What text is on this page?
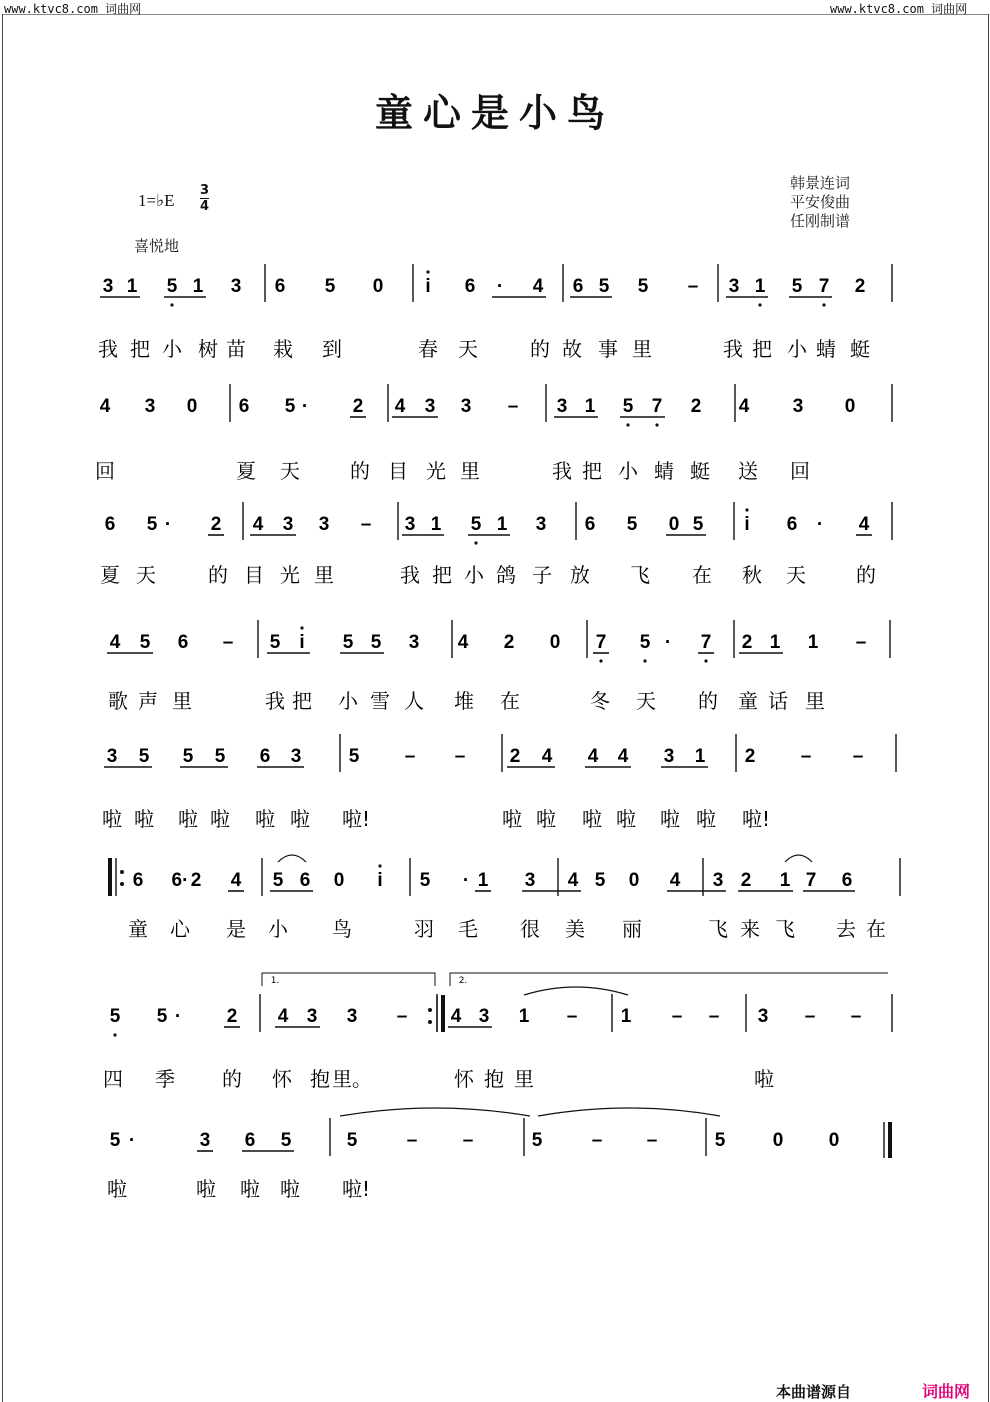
www.ktvc8.com 词曲网	www.ktvc8.com 词曲网
童心是小鸟
1=♭E
3
4
喜悦地
韩景连词
平安俊曲
任刚制谱
3 1 5 1 3 6 5 0 i 6 · 4 6 5 5 – 3 1 5 7 2
我 把 小 树 苗 栽 到	春 天	的 故 事 里	我 把 小 蜻 蜓
4 3 0 6 5 · 2 4 3 3 – 3 1 5 7 2 4 3 0
回	夏 天	的 目 光 里	我 把 小 蜻 蜓 送 回
6 5 · 2 4 3 3 – 3 1 5 1 3 6 5 0 5 i 6 · 4
夏 天	的 目 光 里	我 把 小 鸽 子 放 飞 在 秋 天	的
4 5 6 – 5 i 5 5 3 4 2 0 7 5 · 7 2 1 1 –
歌 声 里	我 把 小 雪 人 堆 在	冬 天 的 童 话 里
3 5 5 5 6 3 5 – – 2 4 4 4 3 1 2 – –
啦 啦 啦 啦 啦 啦 啦!	啦 啦 啦 啦 啦 啦 啦!
6 6· 2 4 5 6 0 i 5 · 1 3 4 5 0 4 3 2 1 7 6
童 心 是 小 鸟	羽 毛 很 美 丽	飞 来 飞 去 在
5 5 · 2 4 3 3 – 4 3 1 – 1 – – 3 – –
四 季 的 怀 抱 里。	怀 抱 里	啦
5 ·	3 6 5	5	– –	5	– –	5 0 0
啦	啦 啦 啦 啦!
1.	2.
本曲谱源自	词曲网
